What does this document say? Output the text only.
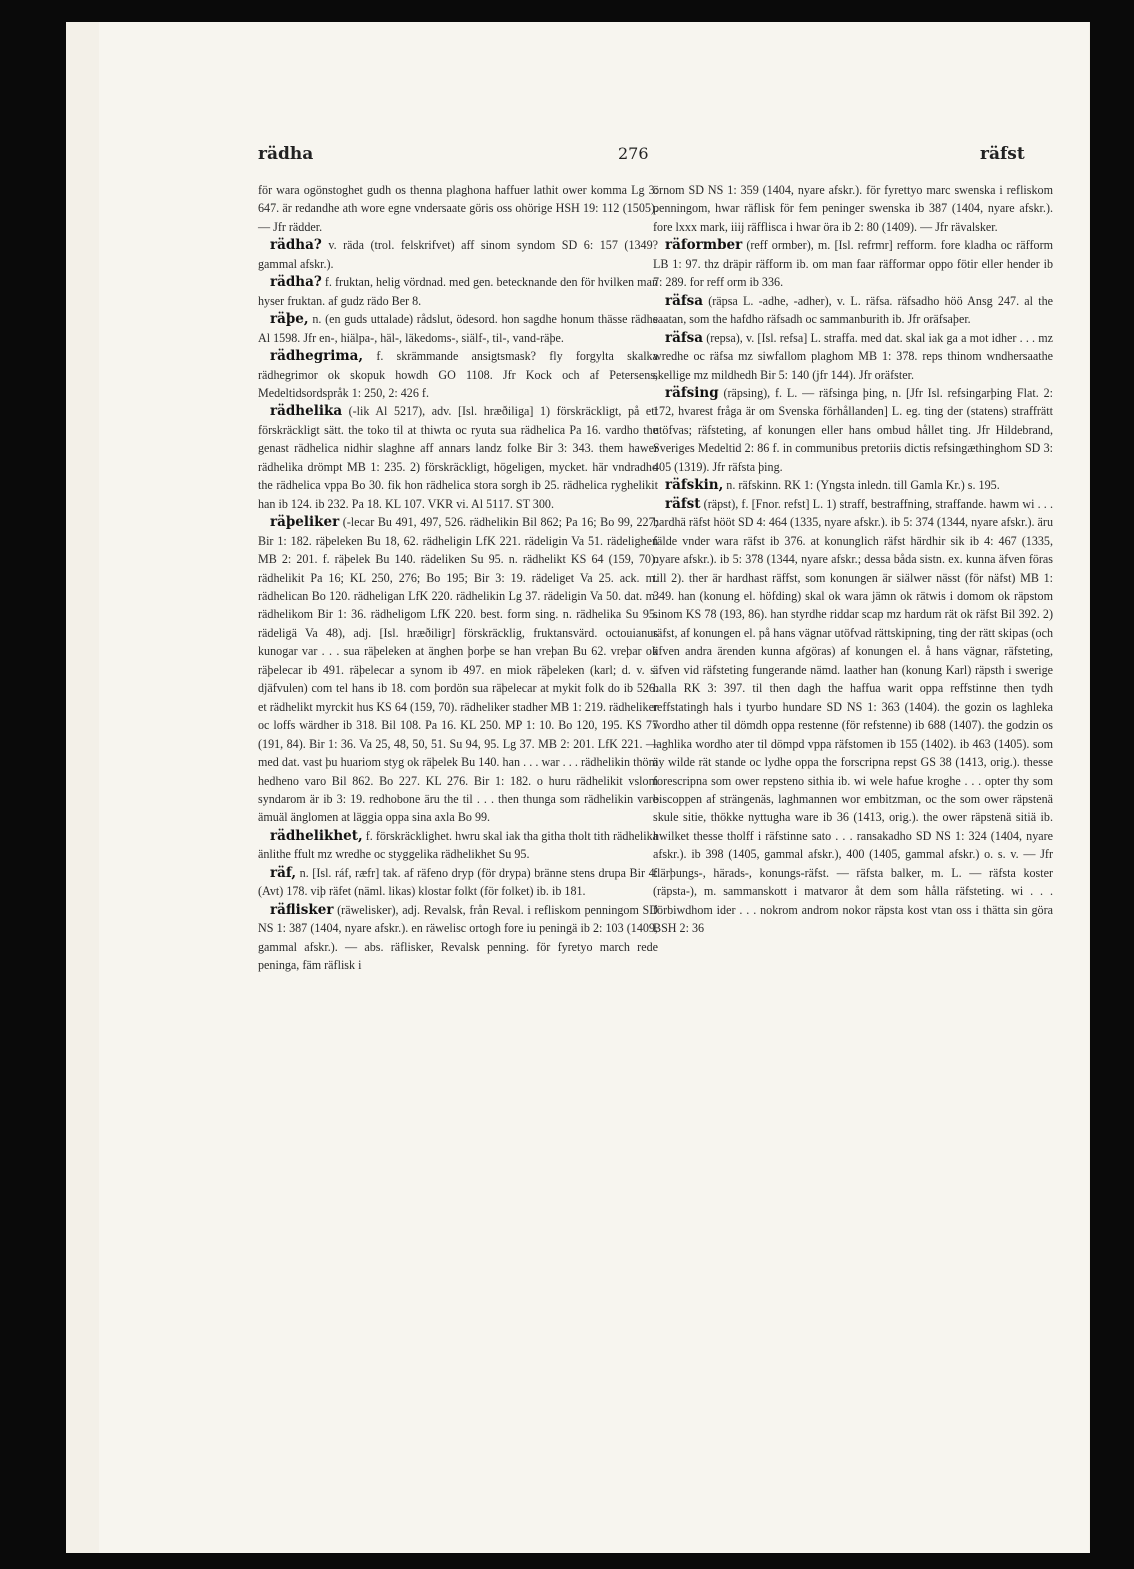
rädha	276	räfst

för wara ogönstoghet gudh os thenna plaghona haffuer lathit ower komma Lg 3: 647. är redandhe ath wore egne vndersaate göris oss ohörige HSH 19: 112 (1505). — Jfr rädder.

rädha? v. räda (trol. felskrifvet) aff sinom syndom SD 6: 157 (1349? gammal afskr.).

rädha? f. fruktan, helig vördnad. med gen. betecknande den för hvilken man hyser fruktan. af gudz rädo Ber 8.

räþe, n. (en guds uttalade) rådslut, ödesord. hon sagdhe honum thässe rädhe Al 1598. Jfr en-, hiälpa-, häl-, läkedoms-, siälf-, til-, vand-räþe.

rädhegrima, f. skrämmande ansigtsmask? fly forgylta skalka rädhegrimor ok skopuk howdh GO 1108. Jfr Kock och af Petersens, Medeltidsordspråk 1: 250, 2: 426 f.

rädhelika (-lik Al 5217), adv. [Isl. hræðiliga] 1) förskräckligt, på ett förskräckligt sätt. the toko til at thiwta oc ryuta sua rädhelica Pa 16. vardho the genast rädhelica nidhir slaghne aff annars landz folke Bir 3: 343. them hawer rädhelika drömpt MB 1: 235. 2) förskräckligt, högeligen, mycket. här vndradho the rädhelica vppa Bo 30. fik hon rädhelica stora sorgh ib 25. rädhelica ryghelikit han ib 124. ib 232. Pa 18. KL 107. VKR vi. Al 5117. ST 300.

räþeliker (-lecar Bu 491, 497, 526. rädhelikin Bil 862; Pa 16; Bo 99, 227; Bir 1: 182. räþeleken Bu 18, 62. rädheligin LfK 221. rädeligin Va 51. rädelighen MB 2: 201. f. räþelek Bu 140. rädeliken Su 95. n. rädhelikt KS 64 (159, 70). rädhelikit Pa 16; KL 250, 276; Bo 195; Bir 3: 19. rädeliget Va 25. ack. m. rädhelican Bo 120. rädheligan LfK 220. rädhelikin Lg 37. rädeligin Va 50. dat. m. rädhelikom Bir 1: 36. rädheligom LfK 220. best. form sing. n. rädhelika Su 95. rädeligä Va 48), adj. [Isl. hræðiligr] förskräcklig, fruktansvärd. octouianus kunogar var . . . sua räþeleken at änghen þorþe se han vreþan Bu 62. vreþar ok räþelecar ib 491. räþelecar a synom ib 497. en miok räþeleken (karl; d. v. s. djäfvulen) com tel hans ib 18. com þordön sua räþelecar at mykit folk do ib 526. et rädhelikt myrckit hus KS 64 (159, 70). rädheliker stadher MB 1: 219. rädheliker oc loffs wärdher ib 318. Bil 108. Pa 16. KL 250. MP 1: 10. Bo 120, 195. KS 77 (191, 84). Bir 1: 36. Va 25, 48, 50, 51. Su 94, 95. Lg 37. MB 2: 201. LfK 221. — med dat. vast þu huariom styg ok räþelek Bu 140. han . . . war . . . rädhelikin thöm hedheno varo Bil 862. Bo 227. KL 276. Bir 1: 182. o huru rädhelikit vslom syndarom är ib 3: 19. redhobone äru the til . . . then thunga som rädhelikin vare ämuäl änglomen at läggia oppa sina axla Bo 99.

rädhelikhet, f. förskräcklighet. hwru skal iak tha githa tholt tith rädhelika änlithe ffult mz wredhe oc styggelika rädhelikhet Su 95.

räf, n. [Isl. ráf, ræfr] tak. af räfeno dryp (för drypa) bränne stens drupa Bir 4: (Avt) 178. viþ räfet (näml. likas) klostar folkt (för folket) ib. ib 181.

räflisker (räwelisker), adj. Revalsk, från Reval. i refliskom penningom SD NS 1: 387 (1404, nyare afskr.). en räwelisc ortogh fore iu peningä ib 2: 103 (1409, gammal afskr.). — abs. räflisker, Revalsk penning. för fyretyo march rede peninga, fäm räflisk i

örnom SD NS 1: 359 (1404, nyare afskr.). för fyrettyo marc swenska i refliskom penningom, hwar räflisk för fem peninger swenska ib 387 (1404, nyare afskr.). fore lxxx mark, iiij räfflisca i hwar öra ib 2: 80 (1409). — Jfr rävalsker.

räformber (reff ormber), m. [Isl. refrmr] refform. fore kladha oc räfform LB 1: 97. thz dräpir räfform ib. om man faar räfformar oppo fötir eller hender ib 7: 289. for reff orm ib 336.

räfsa (räpsa L. -adhe, -adher), v. L. räfsa. räfsadho höö Ansg 247. al the saatan, som the hafdho räfsadh oc sammanburith ib. Jfr oräfsaþer.

räfsa (repsa), v. [Isl. refsa] L. straffa. med dat. skal iak ga a mot idher . . . mz wredhe oc räfsa mz siwfallom plaghom MB 1: 378. reps thinom wndhersaathe skellige mz mildhedh Bir 5: 140 (jfr 144). Jfr oräfster.

räfsing (räpsing), f. L. — räfsinga þing, n. [Jfr Isl. refsingarþing Flat. 2: 172, hvarest fråga är om Svenska förhållanden] L. eg. ting der (statens) straffrätt utöfvas; räfsteting, af konungen eller hans ombud hållet ting. Jfr Hildebrand, Sveriges Medeltid 2: 86 f. in communibus pretoriis dictis refsingæthinghom SD 3: 405 (1319). Jfr räfsta þing.

räfskin, n. räfskinn. RK 1: (Yngsta inledn. till Gamla Kr.) s. 195.

räfst (räpst), f. [Fnor. refst] L. 1) straff, bestraffning, straffande. hawm wi . . . hardhä räfst hööt SD 4: 464 (1335, nyare afskr.). ib 5: 374 (1344, nyare afskr.). äru fälde vnder wara räfst ib 376. at konunglich räfst härdhir sik ib 4: 467 (1335, nyare afskr.). ib 5: 378 (1344, nyare afskr.; dessa båda sistn. ex. kunna äfven föras till 2). ther är hardhast räffst, som konungen är siälwer nässt (för näfst) MB 1: 349. han (konung el. höfding) skal ok wara jämn ok rätwis i domom ok räpstom sinom KS 78 (193, 86). han styrdhe riddar scap mz hardum rät ok räfst Bil 392. 2) räfst, af konungen el. på hans vägnar utöfvad rättskipning, ting der rätt skipas (och äfven andra ärenden kunna afgöras) af konungen el. å hans vägnar, räfsteting, äfven vid räfsteting fungerande nämd. laather han (konung Karl) räpsth i swerige halla RK 3: 397. til then dagh the haffua warit oppa reffstinne then tydh reffstatingh hals i tyurbo hundare SD NS 1: 363 (1404). the gozin os laghleka wordho ather til dömdh oppa restenne (för refstenne) ib 688 (1407). the godzin os laghlika wordho ater til dömpd vppa räfstomen ib 155 (1402). ib 463 (1405). som äy wilde rät stande oc lydhe oppa the forscripna repst GS 38 (1413, orig.). thesse forescripna som ower repsteno sithia ib. wi wele hafue kroghe . . . opter thy som biscoppen af strängenäs, laghmannen wor embitzman, oc the som ower räpstenä skule sitie, thökke nyttugha ware ib 36 (1413, orig.). the ower räpstenä sitiä ib. hwilket thesse tholff i räfstinne sato . . . ransakadho SD NS 1: 324 (1404, nyare afskr.). ib 398 (1405, gammal afskr.), 400 (1405, gammal afskr.) o. s. v. — Jfr flärþungs-, härads-, konungs-räfst. — räfsta balker, m. L. — räfsta koster (räpsta-), m. sammanskott i matvaror åt dem som hålla räfsteting. wi . . . förbiwdhom ider . . . nokrom androm nokor räpsta kost vtan oss i thätta sin göra BSH 2: 36
